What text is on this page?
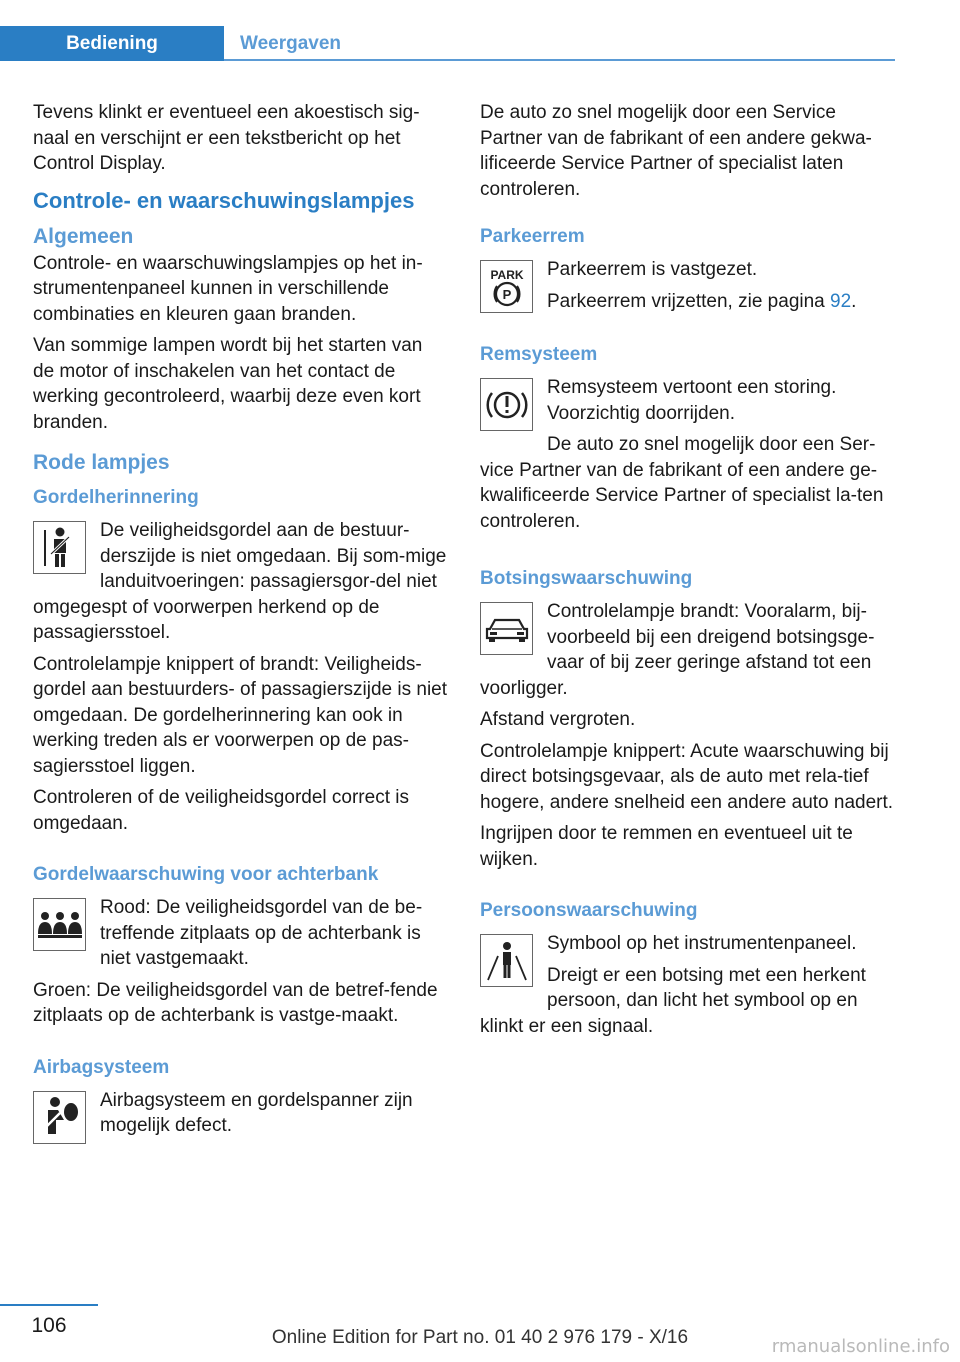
Bediening	Weergaven

Tevens klinkt er eventueel een akoestisch sig-naal en verschijnt er een tekstbericht op het Control Display.

Controle- en waarschuwingslampjes
Algemeen

Controle- en waarschuwingslampjes op het in-strumentenpaneel kunnen in verschillende combinaties en kleuren gaan branden.

Van sommige lampen wordt bij het starten van de motor of inschakelen van het contact de werking gecontroleerd, waarbij deze even kort branden.

Rode lampjes
Gordelherinnering

De veiligheidsgordel aan de bestuur-derszijde is niet omgedaan. Bij som-mige landuitvoeringen: passagiersgor-del niet omgegespt of voorwerpen herkend op de passagiersstoel.

Controlelampje knippert of brandt: Veiligheids-gordel aan bestuurders- of passagierszijde is niet omgedaan. De gordelherinnering kan ook in werking treden als er voorwerpen op de pas-sagiersstoel liggen.

Controleren of de veiligheidsgordel correct is omgedaan.

Gordelwaarschuwing voor achterbank

Rood: De veiligheidsgordel van de be-treffende zitplaats op de achterbank is niet vastgemaakt.

Groen: De veiligheidsgordel van de betref-fende zitplaats op de achterbank is vastge-maakt.

Airbagsysteem

Airbagsysteem en gordelspanner zijn mogelijk defect.

De auto zo snel mogelijk door een Service Partner van de fabrikant of een andere gekwa-lificeerde Service Partner of specialist laten controleren.

Parkeerrem
PARK
P

Parkeerrem is vastgezet.

Parkeerrem vrijzetten, zie pagina 92.

Remsysteem

Remsysteem vertoont een storing. Voorzichtig doorrijden.

De auto zo snel mogelijk door een Ser-vice Partner van de fabrikant of een andere ge-kwalificeerde Service Partner of specialist la-ten controleren.

Botsingswaarschuwing

Controlelampje brandt: Vooralarm, bij-voorbeeld bij een dreigend botsingsge-vaar of bij zeer geringe afstand tot een voorligger.

Afstand vergroten.

Controlelampje knippert: Acute waarschuwing bij direct botsingsgevaar, als de auto met rela-tief hogere, andere snelheid een andere auto nadert.

Ingrijpen door te remmen en eventueel uit te wijken.

Persoonswaarschuwing

Symbool op het instrumentenpaneel.

Dreigt er een botsing met een herkent persoon, dan licht het symbool op en klinkt er een signaal.

106
Online Edition for Part no. 01 40 2 976 179 - X/16	rmanualsonline.info
